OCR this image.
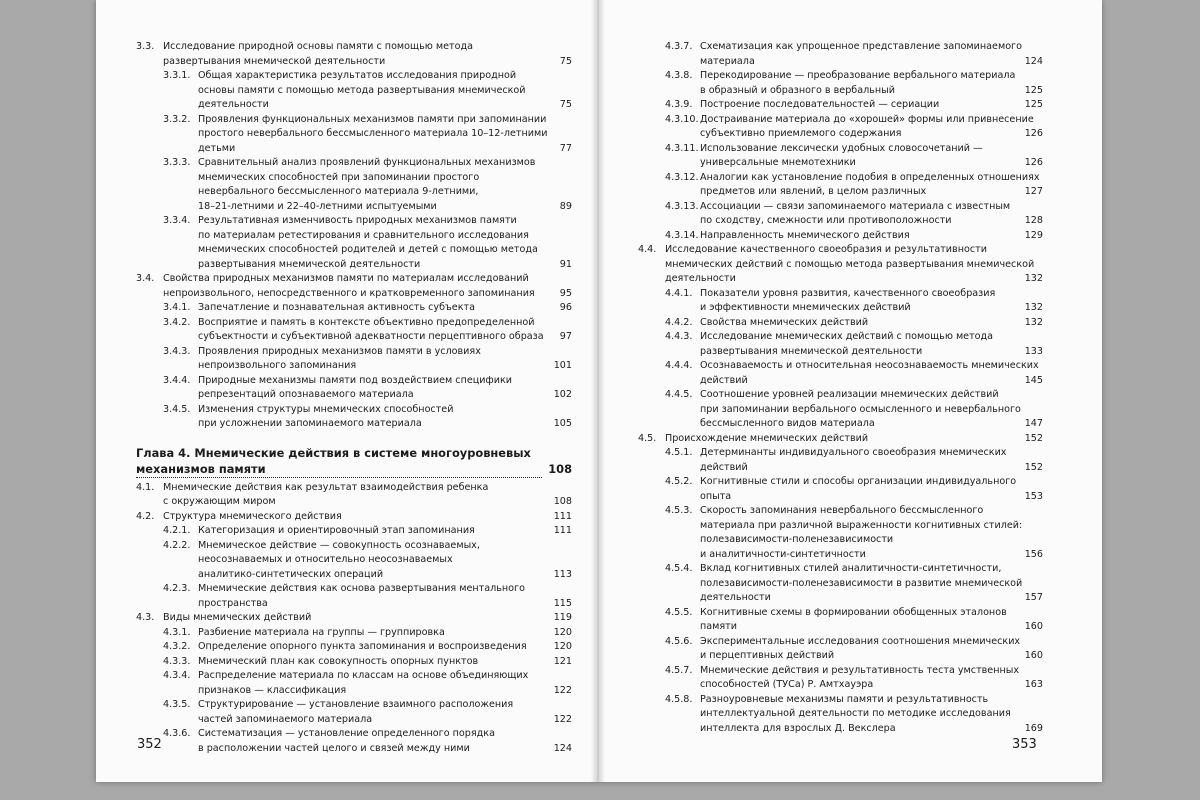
3.3. Исследование природной основы памяти с помощью метода
развертывания мнемической деятельности	75
3.3.1. Общая характеристика результатов исследования природной
основы памяти с помощью метода развертывания мнемической
деятельности	75
3.3.2. Проявления функциональных механизмов памяти при запоминании
простого невербального бессмысленного материала 10–12-летними
детьми	77
3.3.3. Сравнительный анализ проявлений функциональных механизмов
мнемических способностей при запоминании простого
невербального бессмысленного материала 9-летними,
18–21-летними и 22–40-летними испытуемыми	89
3.3.4. Результативная изменчивость природных механизмов памяти
по материалам ретестирования и сравнительного исследования
мнемических способностей родителей и детей с помощью метода
развертывания мнемической деятельности	91
3.4. Свойства природных механизмов памяти по материалам исследований
непроизвольного, непосредственного и кратковременного запоминания	95
3.4.1. Запечатление и познавательная активность субъекта	96
3.4.2. Восприятие и память в контексте объективно предопределенной
субъектности и субъективной адекватности перцептивного образа 97
3.4.3. Проявления природных механизмов памяти в условиях
непроизвольного запоминания	101
3.4.4. Природные механизмы памяти под воздействием специфики
репрезентаций опознаваемого материала	102
3.4.5. Изменения структуры мнемических способностей
при усложнении запоминаемого материала	105
Глава 4. Мнемические действия в системе многоуровневых
механизмов памяти	108
4.1. Мнемические действия как результат взаимодействия ребенка
с окружающим миром	108
4.2. Структура мнемического действия	111
4.2.1. Категоризация и ориентировочный этап запоминания	111
4.2.2. Мнемическое действие — совокупность осознаваемых,
неосознаваемых и относительно неосознаваемых
аналитико-синтетических операций	113
4.2.3. Мнемические действия как основа развертывания ментального
пространства	115
4.3. Виды мнемических действий	119
4.3.1. Разбиение материала на группы — группировка	120
4.3.2. Определение опорного пункта запоминания и воспроизведения	120
4.3.3. Мнемический план как совокупность опорных пунктов	121
4.3.4. Распределение материала по классам на основе объединяющих
признаков — классификация	122
4.3.5. Структурирование — установление взаимного расположения
частей запоминаемого материала	122
4.3.6. Систематизация — установление определенного порядка
в расположении частей целого и связей между ними	124
4.3.7. Схематизация как упрощенное представление запоминаемого
материала	124
4.3.8. Перекодирование — преобразование вербального материала
в образный и образного в вербальный	125
4.3.9. Построение последовательностей — сериации	125
4.3.10. Достраивание материала до «хорошей» формы или привнесение
субъективно приемлемого содержания	126
4.3.11. Использование лексически удобных словосочетаний —
универсальные мнемотехники	126
4.3.12. Аналогии как установление подобия в определенных отношениях
предметов или явлений, в целом различных	127
4.3.13. Ассоциации — связи запоминаемого материала с известным
по сходству, смежности или противоположности	128
4.3.14. Направленность мнемического действия	129
4.4. Исследование качественного своеобразия и результативности
мнемических действий с помощью метода развертывания мнемической
деятельности	132
4.4.1. Показатели уровня развития, качественного своеобразия
и эффективности мнемических действий	132
4.4.2. Свойства мнемических действий	132
4.4.3. Исследование мнемических действий с помощью метода
развертывания мнемической деятельности	133
4.4.4. Осознаваемость и относительная неосознаваемость мнемических
действий	145
4.4.5. Соотношение уровней реализации мнемических действий
при запоминании вербального осмысленного и невербального
бессмысленного видов материала	147
4.5. Происхождение мнемических действий	152
4.5.1. Детерминанты индивидуального своеобразия мнемических
действий	152
4.5.2. Когнитивные стили и способы организации индивидуального
опыта	153
4.5.3. Скорость запоминания невербального бессмысленного
материала при различной выраженности когнитивных стилей:
полезависимости-поленезависимости
и аналитичности-синтетичности	156
4.5.4. Вклад когнитивных стилей аналитичности-синтетичности,
полезависимости-поленезависимости в развитие мнемической
деятельности	157
4.5.5. Когнитивные схемы в формировании обобщенных эталонов
памяти	160
4.5.6. Экспериментальные исследования соотношения мнемических
и перцептивных действий	160
4.5.7. Мнемические действия и результативность теста умственных
способностей (ТУСа) Р. Амтхауэра	163
4.5.8. Разноуровневые механизмы памяти и результативность
интеллектуальной деятельности по методике исследования
интеллекта для взрослых Д. Векслера	169
352	353
